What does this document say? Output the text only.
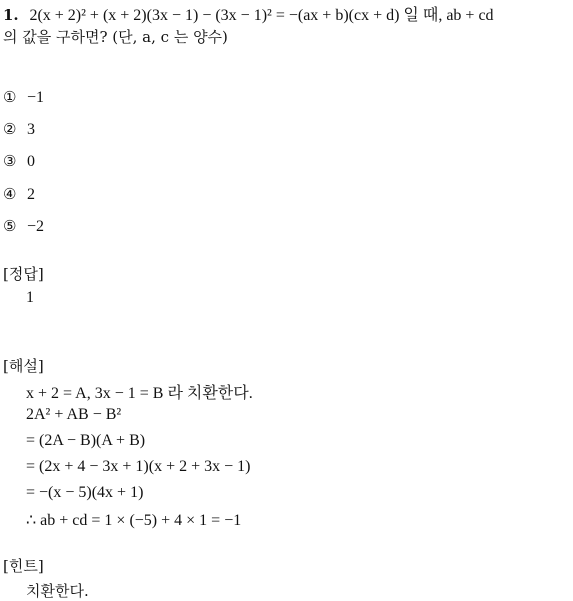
1. 2(x + 2)² + (x + 2)(3x − 1) − (3x − 1)² = −(ax + b)(cx + d) 일 때, ab + cd
의 값을 구하면? (단, a, c 는 양수)
① −1
② 3
③ 0
④ 2
⑤ −2
[정답]
1
[해설]
x + 2 = A, 3x − 1 = B 라 치환한다.
2A² + AB − B²
= (2A − B)(A + B)
= (2x + 4 − 3x + 1)(x + 2 + 3x − 1)
= −(x − 5)(4x + 1)
∴ ab + cd = 1 × (−5) + 4 × 1 = −1
[힌트]
치환한다.
